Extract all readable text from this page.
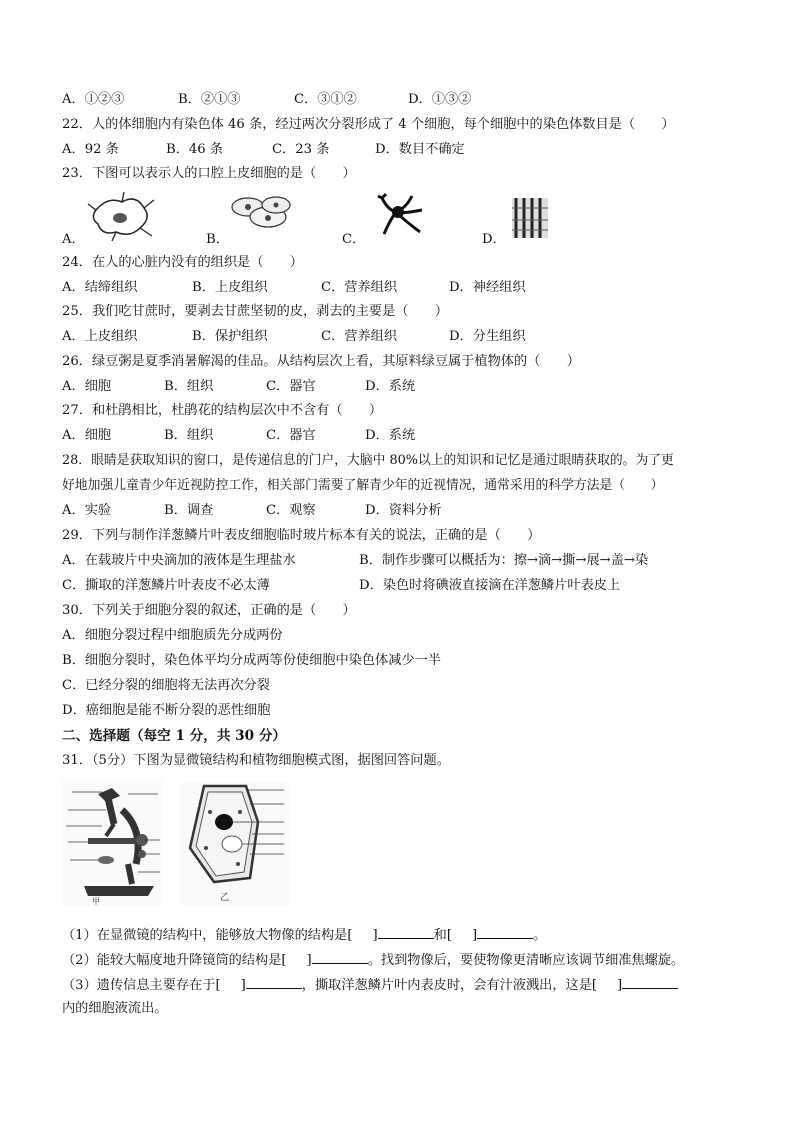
A．①②③	B．②①③	C．③①②	D．①③②
22．人的体细胞内有染色体 46 条，经过两次分裂形成了 4 个细胞，每个细胞中的染色体数目是（　　）
A．92 条	B．46 条	C．23 条	D．数目不确定
23．下图可以表示人的口腔上皮细胞的是（　　）
A．	B．	C．	D．
24．在人的心脏内没有的组织是（　　）
A．结缔组织	B．上皮组织	C．营养组织	D．神经组织
25．我们吃甘蔗时，要剥去甘蔗坚韧的皮，剥去的主要是（　　）
A．上皮组织	B．保护组织	C．营养组织	D．分生组织
26．绿豆粥是夏季消暑解渴的佳品。从结构层次上看，其原料绿豆属于植物体的（　　）
A．细胞	B．组织	C．器官	D．系统
27．和杜鹃相比，杜鹃花的结构层次中不含有（　　）
A．细胞	B．组织	C．器官	D．系统
28．眼睛是获取知识的窗口，是传递信息的门户，大脑中 80%以上的知识和记忆是通过眼睛获取的。为了更
好地加强儿童青少年近视防控工作，相关部门需要了解青少年的近视情况，通常采用的科学方法是（　　）
A．实验	B．调查	C．观察	D．资料分析
29．下列与制作洋葱鳞片叶表皮细胞临时玻片标本有关的说法，正确的是（　　）
A．在载玻片中央滴加的液体是生理盐水	B．制作步骤可以概括为：擦→滴→撕→展→盖→染
C．撕取的洋葱鳞片叶表皮不必太薄	D．染色时将碘液直接滴在洋葱鳞片叶表皮上
30．下列关于细胞分裂的叙述，正确的是（　　）
A．细胞分裂过程中细胞质先分成两份
B．细胞分裂时，染色体平均分成两等份使细胞中染色体减少一半
C．已经分裂的细胞将无法再次分裂
D．癌细胞是能不断分裂的恶性细胞
二、选择题（每空 1 分，共 30 分）
31．（5分）下图为显微镜结构和植物细胞模式图，据图回答问题。
甲	乙
（1）在显微镜的结构中，能够放大物像的结构是[ ]	和[ ]	。
（2）能较大幅度地升降镜筒的结构是[ ]	。找到物像后，要使物像更清晰应该调节细准焦螺旋。
（3）遗传信息主要存在于[ ]	，撕取洋葱鳞片叶内表皮时，会有汁液溅出，这是[ ]
内的细胞液流出。
